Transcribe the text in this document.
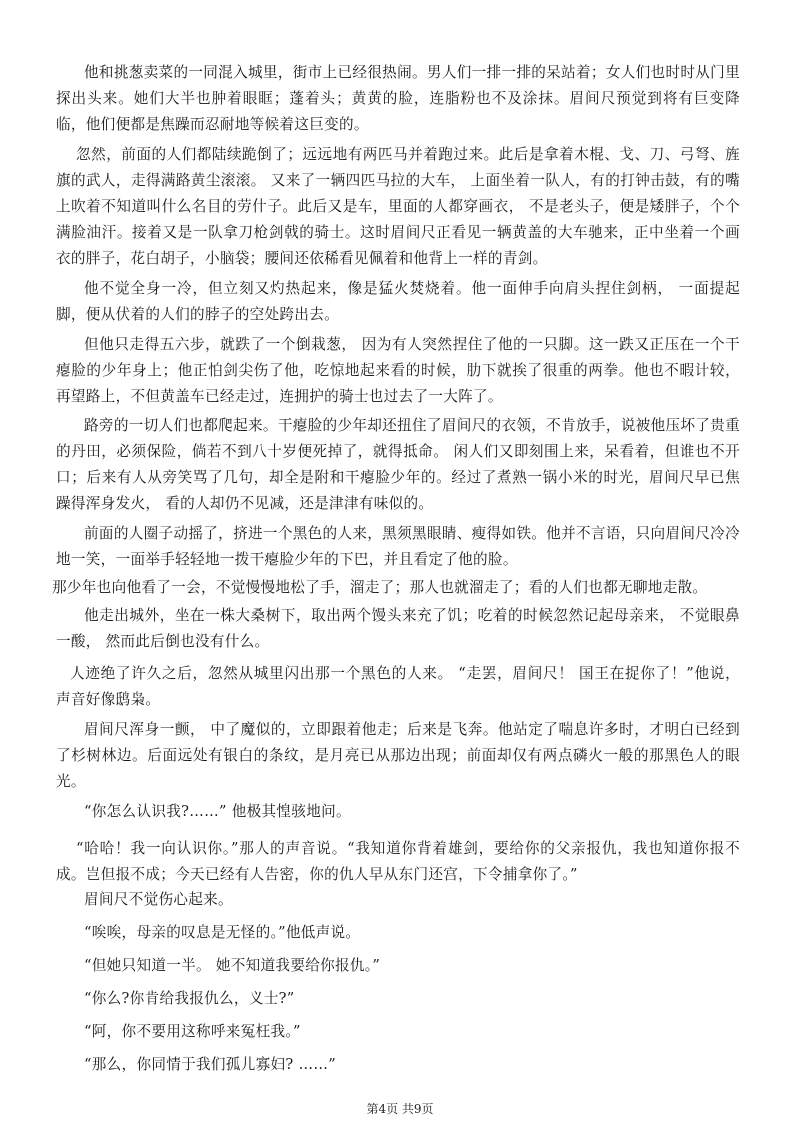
他和挑葱卖菜的一同混入城里，街市上已经很热闹。男人们一排一排的呆站着；女人们也时时从门里探出头来。她们大半也肿着眼眶；蓬着头；黄黄的脸，连脂粉也不及涂抹。眉间尺预觉到将有巨变降临，他们便都是焦躁而忍耐地等候着这巨变的。

忽然，前面的人们都陆续跪倒了；远远地有两匹马并着跑过来。此后是拿着木棍、戈、刀、弓弩、旌旗的武人，走得满路黄尘滚滚。 又来了一辆四匹马拉的大车， 上面坐着一队人，有的打钟击鼓，有的嘴上吹着不知道叫什么名目的劳什子。此后又是车，里面的人都穿画衣， 不是老头子，便是矮胖子，个个满脸油汗。接着又是一队拿刀枪剑戟的骑士。这时眉间尺正看见一辆黄盖的大车驰来，正中坐着一个画衣的胖子，花白胡子，小脑袋；腰间还依稀看见佩着和他背上一样的青剑。

他不觉全身一冷，但立刻又灼热起来，像是猛火焚烧着。他一面伸手向肩头捏住剑柄， 一面提起脚，便从伏着的人们的脖子的空处跨出去。

但他只走得五六步，就跌了一个倒栽葱， 因为有人突然捏住了他的一只脚。这一跌又正压在一个干瘪脸的少年身上；他正怕剑尖伤了他，吃惊地起来看的时候，肋下就挨了很重的两拳。他也不暇计较，再望路上，不但黄盖车已经走过，连拥护的骑士也过去了一大阵了。

路旁的一切人们也都爬起来。干瘪脸的少年却还扭住了眉间尺的衣领，不肯放手，说被他压坏了贵重的丹田，必须保险，倘若不到八十岁便死掉了，就得抵命。 闲人们又即刻围上来，呆看着，但谁也不开口；后来有人从旁笑骂了几句，却全是附和干瘪脸少年的。经过了煮熟一锅小米的时光，眉间尺早已焦躁得浑身发火， 看的人却仍不见减，还是津津有味似的。

前面的人圈子动摇了，挤进一个黑色的人来，黑须黑眼睛、瘦得如铁。他并不言语，只向眉间尺冷冷地一笑，一面举手轻轻地一拨干瘪脸少年的下巴，并且看定了他的脸。

那少年也向他看了一会，不觉慢慢地松了手，溜走了；那人也就溜走了；看的人们也都无聊地走散。

他走出城外，坐在一株大桑树下，取出两个馒头来充了饥；吃着的时候忽然记起母亲来， 不觉眼鼻一酸， 然而此后倒也没有什么。

人迹绝了许久之后，忽然从城里闪出那一个黑色的人来。 “走罢，眉间尺！ 国王在捉你了！”他说， 声音好像鸱枭。

眉间尺浑身一颤， 中了魔似的，立即跟着他走；后来是飞奔。他站定了喘息许多时，才明白已经到了杉树林边。后面远处有银白的条纹，是月亮已从那边出现；前面却仅有两点磷火一般的那黑色人的眼光。

“你怎么认识我?……” 他极其惶骇地问。

“哈哈！我一向认识你。”那人的声音说。“我知道你背着雄剑，要给你的父亲报仇，我也知道你报不成。岂但报不成；今天已经有人告密，你的仇人早从东门还宫，下令捕拿你了。”

眉间尺不觉伤心起来。

“唉唉，母亲的叹息是无怪的。”他低声说。

“但她只知道一半。 她不知道我要给你报仇。”

“你么?你肯给我报仇么，义士?”

“阿，你不要用这称呼来冤枉我。”

“那么，你同情于我们孤儿寡妇? ……”

第4页 共9页
